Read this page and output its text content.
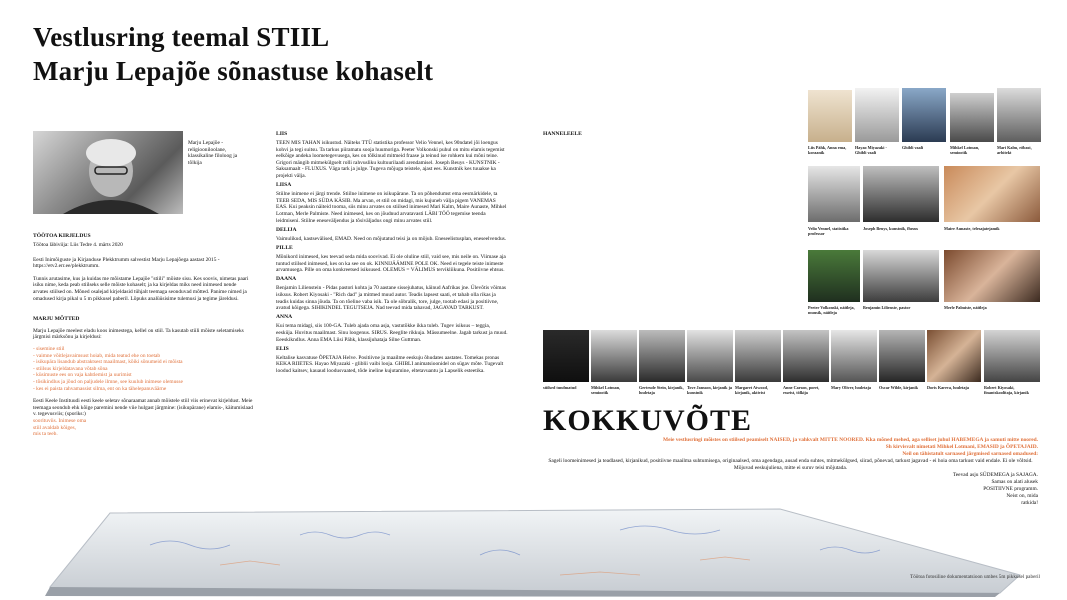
Vestlusring teemal STIIL
Marju Lepajõe sõnastuse kohaselt
Marju Lepajõe - religiooniloolane, klassikaline filoloog ja tõlkija

TÖÖTOA KIRJELDUS

Töötoa läbiviija: Liis Tedre 4. märts 2020

Eesti Inimõiguste ja Kirjanduse Plekktrumm salvestist Marju Lepajõega aastast 2015 - https://etv2.err.ee/plekktrumm.

Tunnis arutasime, kus ja kuidas me mõistame Lepajõe "stiili" mõiste sisu. Kes soovis, nimetas paari isiku nime, keda peab stiilseks selle mõiste kohaselt; ja ka kirjeldas miks need inimesed nende arvates stiilsed on. Mõned osalejad kirjeldasid tühjalt teemaga seonduvad mõtted. Panime nimed ja omadused kirja pikal u 5 m pikkusel paberil. Lõpuks analüüsisime tulemusi ja tegime järeldusi.

MARJU MÕTTED

Marju Lepajõe meelest eladu koos inimestega, kellel on stiil. Ta kasutab stiili mõiste seletamiseks järgmisi märksõnu ja kirjeldusi:

- sisemine stiil
- vaimne võitlejavaimsust hoiab, mida teatud ehe on toetab
- isikupära lisandub abstraktsest maailmast, kõiki sõnumeid ei mõista
- stiilsus kirjeldatavana võtab sõna
- küsimuste ees on vaja kahtlemist ja uurimist
- tõsikindlus ja jõud on paljudele ilmne, see kuulub inimese olemusse
- kes ei paista rahvamassist silma, ent on ka tähelepanuväärne

Eesti Keele Instituudi eesti keele seletav sõnaraamat annab mõistele stiil viis erinevat kirjeldust. Meie teemaga seondub ehk kõige paremini nende viie hulgast järgmine: (isikupärane) elamis-, käitumislaad v. tegevusviis; (sporiks:)

soorituviis. Inimese oma
stiil avaldab kõiges,
mis ta teeb.

LIIS

TEEN MIS TAHAN isikustud. Näiteks TTÜ statistika professor Velio Vennel, kes 90ndatel jõi loengus kohvi ja tegi suitsu. Ta tarkus piiramatu sooja huumoriga. Peeter Volkonski puhul on mitu elamis tegemist eelkõige andeka loometegevusega, kes on tõlkinud mitmeid fraase ja teinud ise rohkem kui mõni teine. Grigori mängib mitmekülgselt rolli rahvusliku kultuurilaadi arendamisel. Joseph Beuys - KUNSTNIK - Saksamaalt - FLUXUS. Väga tark ja julge. Tugeva mõjuga teistele, ajast ees. Kunstnik kes tuuakse ka projekti välja.

LIISA

Stiilne inimene ei järgi trende. Stiilne inimene on isikupärane. Ta on põhendumst ema eesmärkidele, ta TEEB SEDA, MIS SÜDA KÄSIB. Ma arvan, et stiil on midagi, mis kujuneb välja pigem VANEMAS EAS. Kui peaksin näiteid tooma, siis minu arvates on stiilsed inimesed Mari Kalm, Maire Aunaste, Mihkel Lotman, Merle Palmiste. Need inimesed, kes on jõudnud arvatavasti LÄBI TÖÖ tegemise teenda leidmiseni. Stiilne eneseväljendus ja tõsiväljadus ongi minu arvates stiil.

DELIJA

Vaimulikud, kastsevälised, EMAD. Need on mõjutatud teisi ja on mõjub. Eneseelistusplan, eneseelvendus.

PILLE

Mõnikord inimesed, kes teevad seda mida soovivad. Ei ole oluline stiil, vaid see, mis neile on. Viimase aja tuntud stiilsed inimesed, kes on ka see on ok. KINNIJÄÄMINE POLE OK. Need ei tegele teiste inimeste arvamusega. Pille on oma konkreetsed isiksused. OLEMUS = VÄLIMUS tervikliikuna. Positiivne ehtsus.

DAANA

Benjamin Lilienstein - Pidas pastori kohta ja 70 aastane sissejuhatus, käinud Aafrikas jne. Ülevõtis võimas isiksus. Robert Kiyosaki - "Rich dad" ja mitmed muud autor. Teadis lapsest saati, et tahab olla rikas ja teadis kuidas sinna jõuda. Ta on tõeline vaba isik. Ta ole sõbralik, tore, julge, tootab edasi ja positiivne, avatud kõigega. SIHIKINDEL TEGUTSEJA. Nad teevad mida tahavad, JAGAVAD TARKUST.

ANNA

Kui tema midagi, siis 100-GA. Tuleb ajada oma asja, vastutõkke ikka tuleb. Tugev isiksus – teggia, eesküja. Huvitus maailmast. Sinu loogenus. SIRUS. Reeglite rikkuja. Mässumeelne. Jagab tarkust ja muud. Eeeskikndlus. Anna EMA Liisi Pähk, klassijuhataja Silne Guttman.

ELIS

Keltalise kasvatuse ÕPETAJA Helve. Positiivne ja maailme eeskuju õhudates aastates. Tomekas pronas KEKA RIIETES. Hayao Miyazaki - gliblii vaibi looja. GHIBLI animatsioonidel on sügav mõte. Tugevalt loodud kaitsev, kauaud loodusvaated, tõde ineline kujutamine, eltetavuantu ja Lapselik esteetika.

HANNELEELE

Liis Pähk, Anna ema, koraanik
Hayao Miyazaki - Ghibli vaali
Ghibli vaali	Mihkel Lotman, semiootik
Mari Kalm, rõbast, arhitekt
Velio Vennel, statistika professor
Joseph Beuys, kunstnik, fluxus	Maire Aunaste, telesajatejamik
Peeter Volkonski, näitleja, muusik, näitleja
Benjamin Lilienste, pastor	Merle Palmiste, näitleja
stiilsed tundmatud	Mihkel Lotman, semiootik
Gertrude Stein, kirjanik, luuletaja
Tove Jansson, kirjanik ja kunstnik
Margaret Atwood, kirjanik, aktivist
Anne Carson, poeet, esseist, tõlkija
Mary Oliver, luuletaja	Oscar Wilde, kirjanik	Doris Kareva, luuletaja	Robert Kiyosaki, finantskoolitaja, kirjanik
KOKKUVÕTE
Meie vestlusringi mõistes on stiilsed peamiselt NAISED, ja vahkvalt MITTE NOORED. Kka mõned mehed, aga selliset juhul HABEMEGA ja samuti mitte noored.
Sh kirvisvalt nimetati Mihkel Lotmani, EMASID ja ÕPETAJAID.
Neil on tähistatult sarnased järgmised sarnased omadused:
Sageli loomeinimesed ja teadlased, kirjanikud, positiivne maailma suhtumisega, originaalsed, oma agendaga, ausad enda suhtes, mitmekülgsed, siirad, põnevad, tarkust jagavad - ei hoia oma tarkust vaid endale. Ei ole võltsid. Mõjuvad eeskujuliena, mitte ei suruv teisi mõjutada.
Teevad asju SÜDEMEGA ja SAJAGA.
Samas on alati alusek
POSITIIVNE programm.
Neist on, mida
ratkida!
Töötoa fotosiline dokumentatsioon umbes 5m pikkusel paberil
